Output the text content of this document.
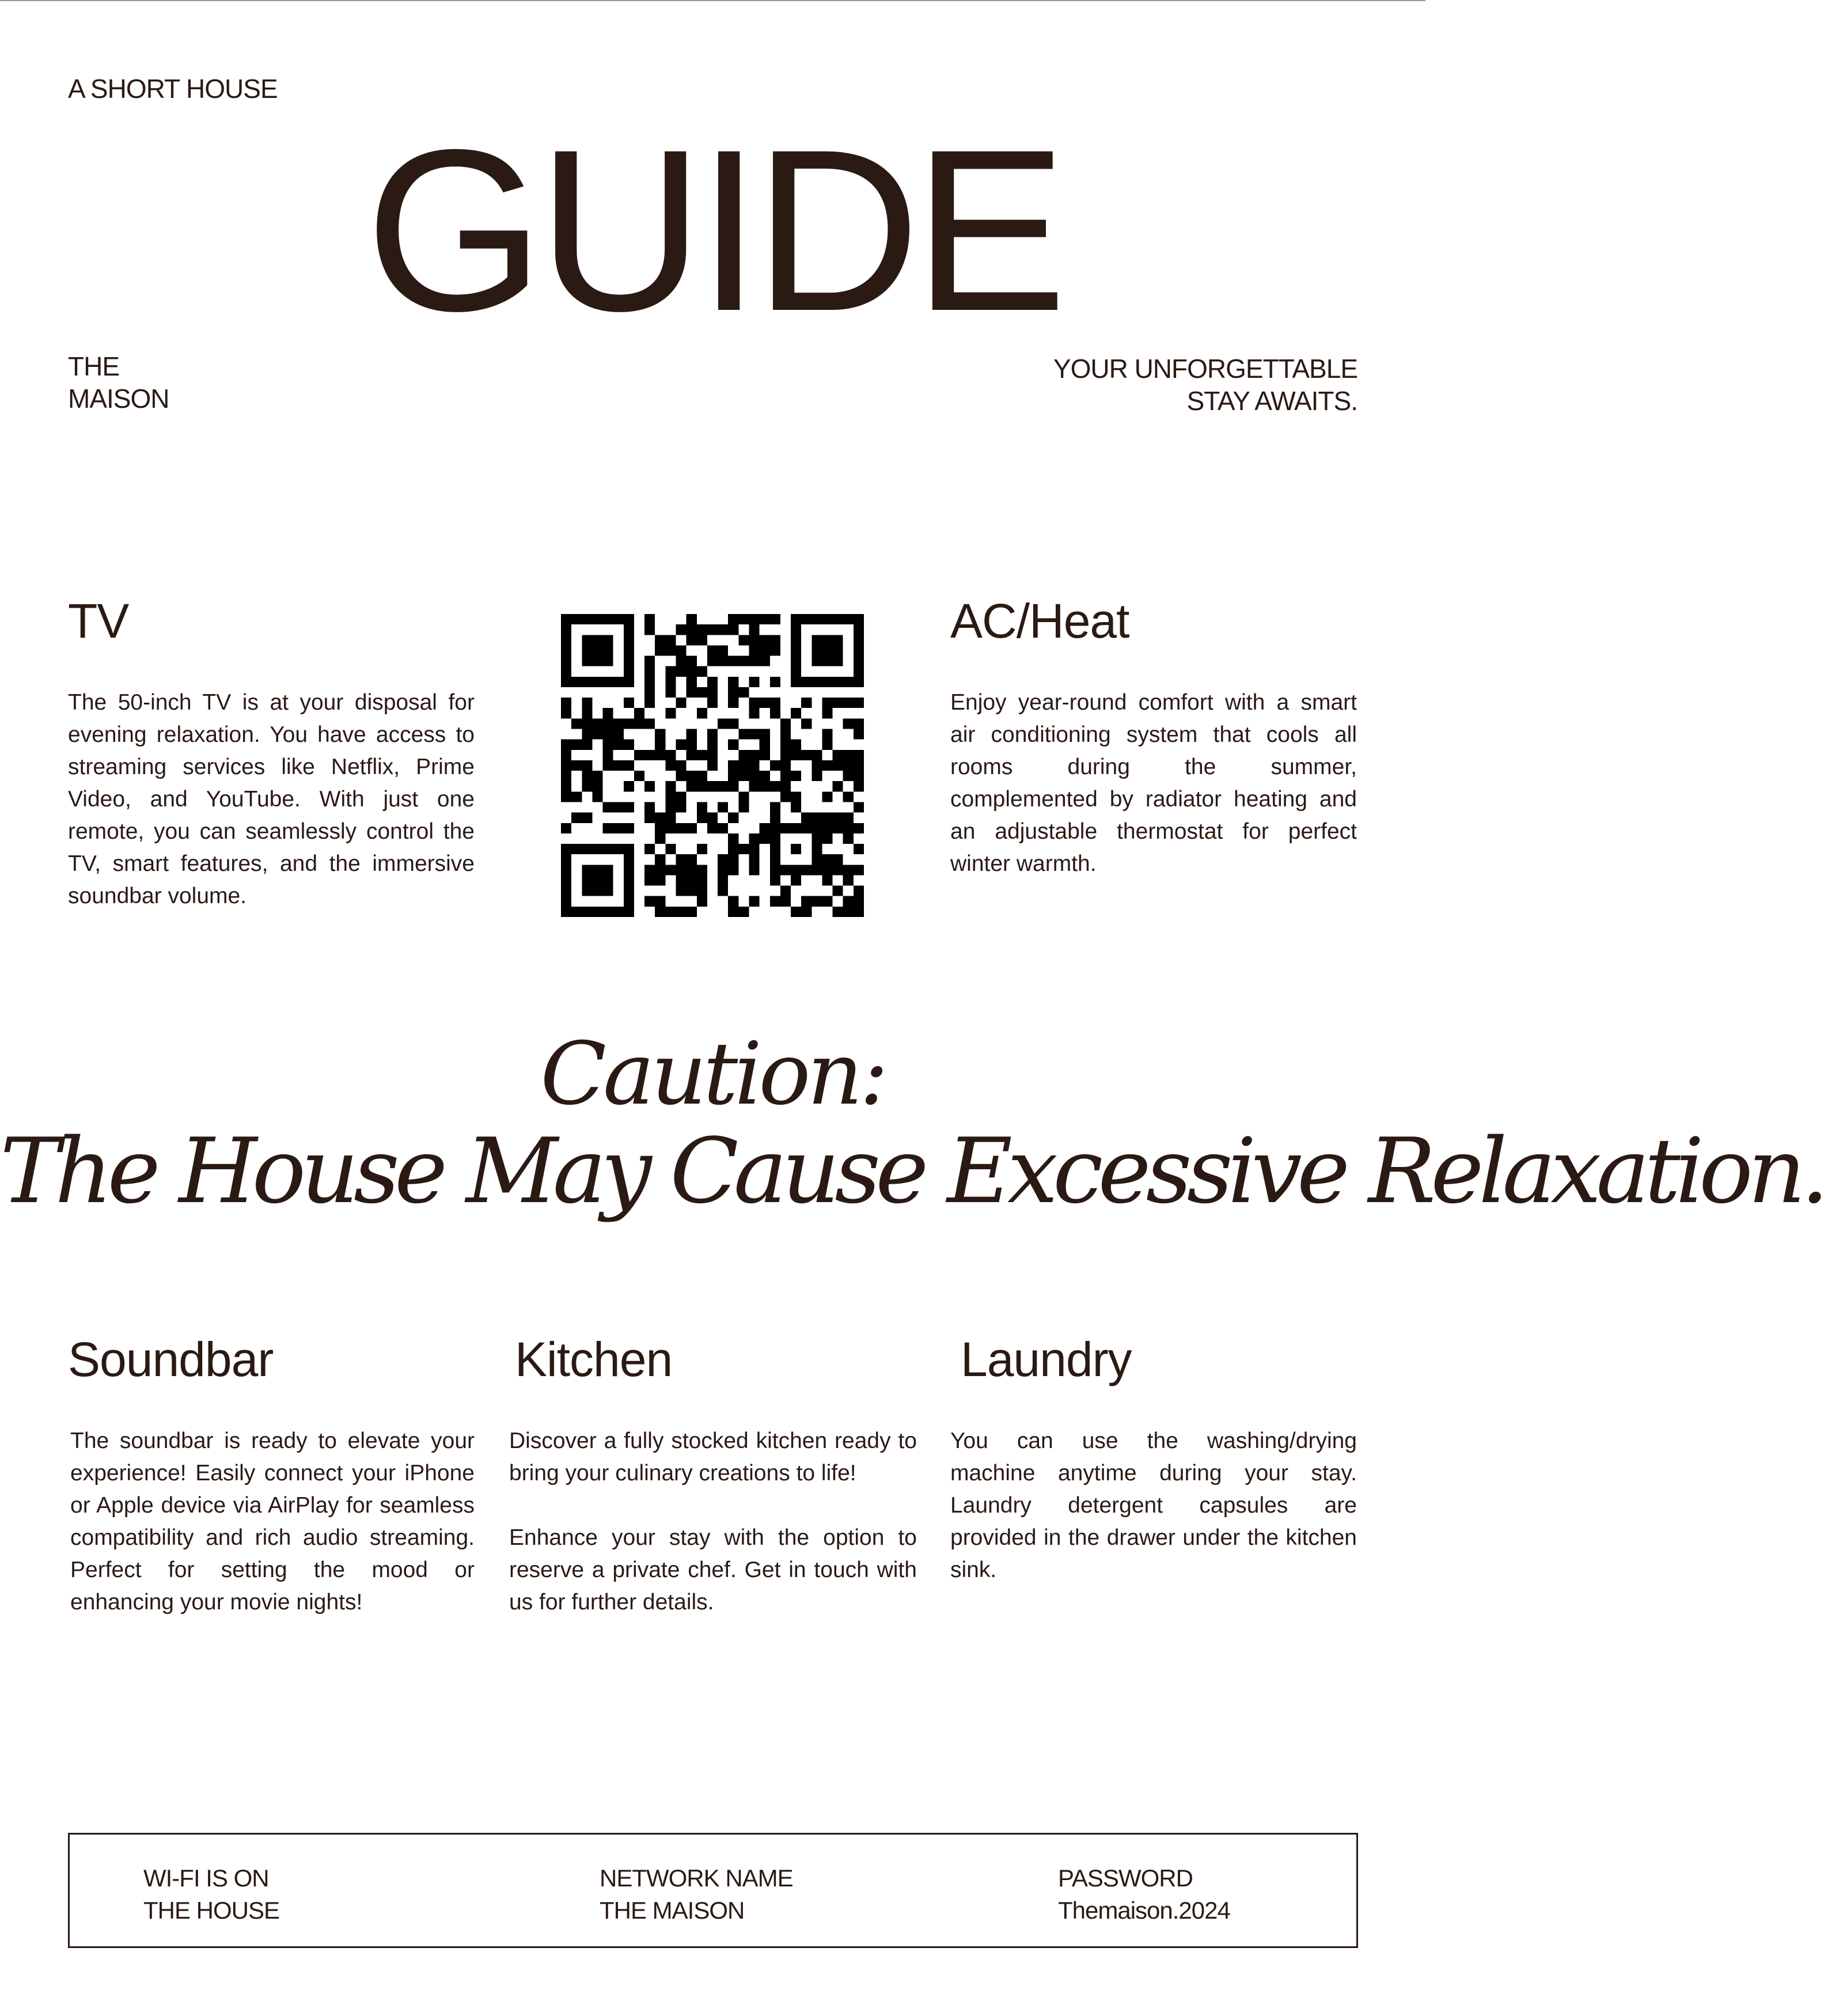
A SHORT HOUSE
GUIDE
THE
MAISON
YOUR UNFORGETTABLE
STAY AWAITS.
TV
The 50-inch TV is at your disposal for evening relaxation. You have access to streaming services like Netflix, Prime Video, and YouTube. With just one remote, you can seamlessly control the TV, smart features, and the immersive soundbar volume.
AC/Heat
Enjoy year-round comfort with a smart air conditioning system that cools all rooms during the summer, complemented by radiator heating and an adjustable thermostat for perfect winter warmth.
Caution:
The House May Cause Excessive Relaxation.
Soundbar
The soundbar is ready to elevate your experience! Easily connect your iPhone or Apple device via AirPlay for seamless compatibility and rich audio streaming. Perfect for setting the mood or enhancing your movie nights!
Kitchen
Discover a fully stocked kitchen ready to bring your culinary creations to life!
Enhance your stay with the option to reserve a private chef. Get in touch with us for further details.
Laundry
You can use the washing/drying machine anytime during your stay. Laundry detergent capsules are provided in the drawer under the kitchen sink.
WI-FI IS ON
THE HOUSE
NETWORK NAME
THE MAISON
PASSWORD
Themaison.2024
